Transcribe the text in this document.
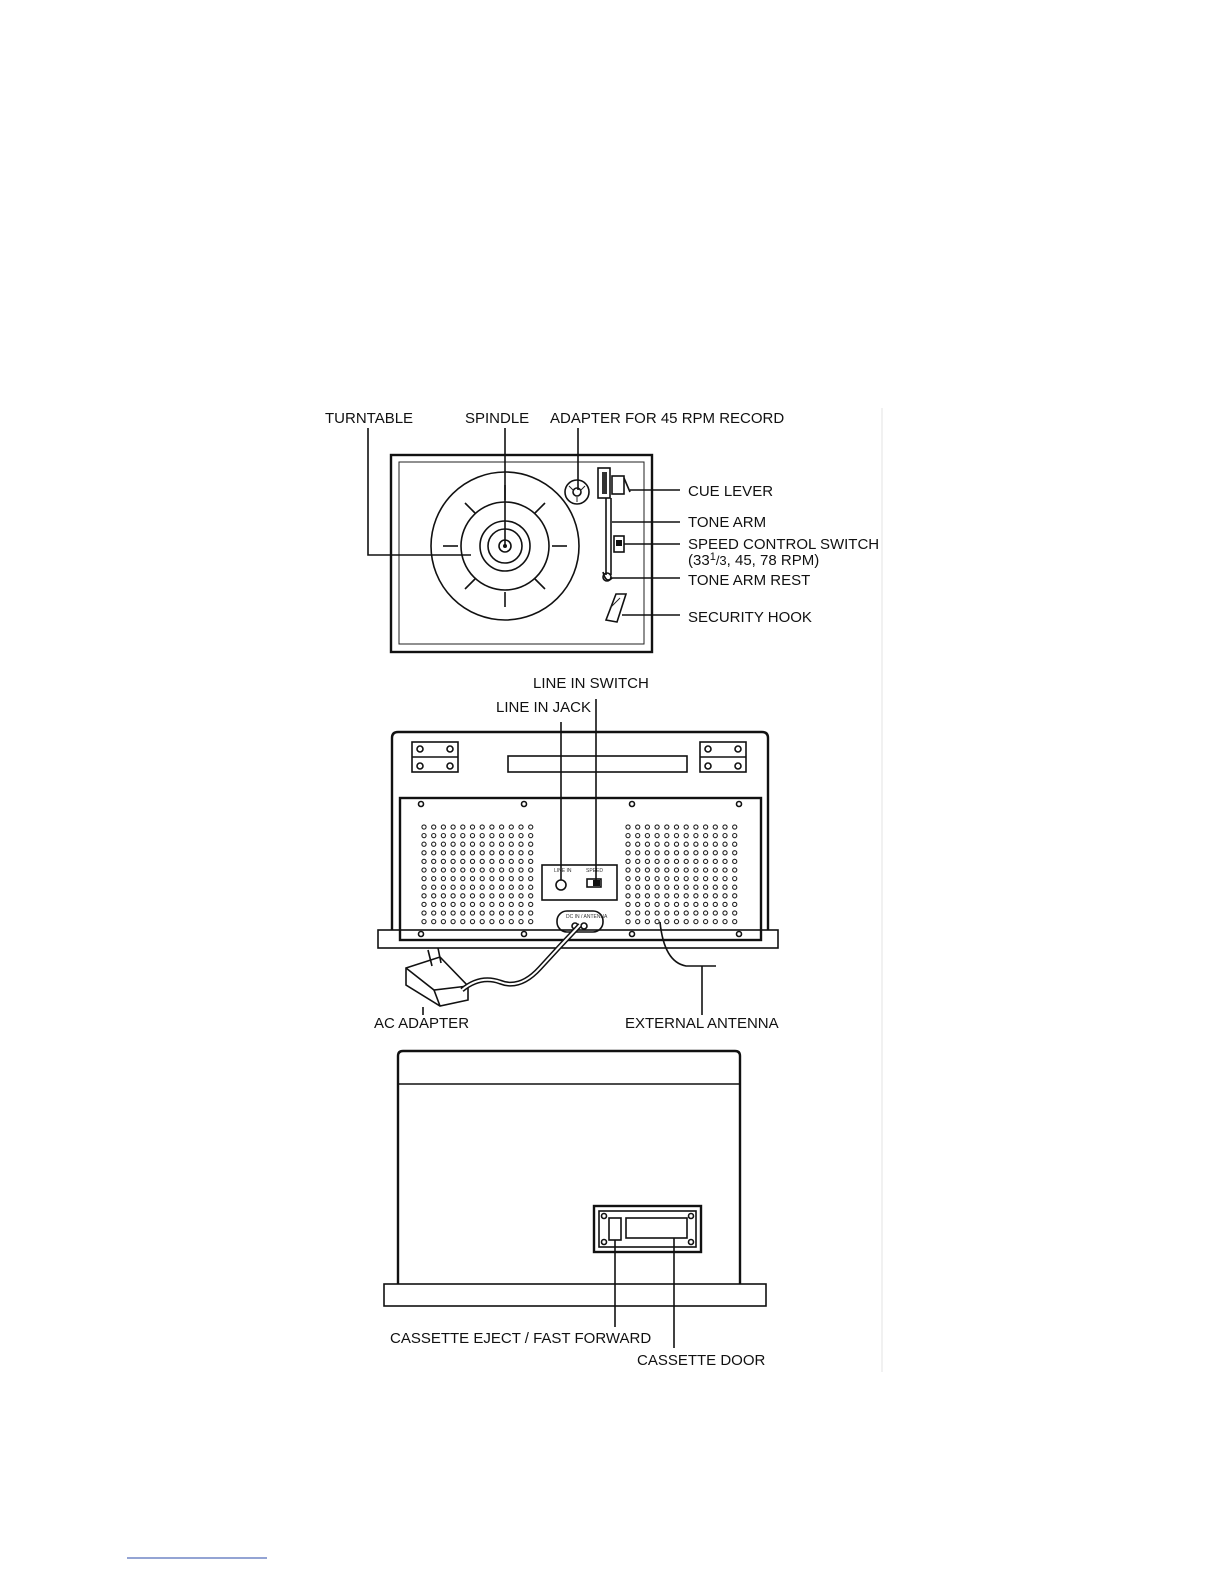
TURNTABLE	SPINDLE ADAPTER FOR 45 RPM RECORD
CUE LEVER
TONE ARM
SPEED CONTROL SWITCH
($33^1/3$, 45, 78 RPM)
TONE ARM REST
SECURITY HOOK
LINE IN	SPEED
DC IN / ANTENNA
LINE IN SWITCH
LINE IN JACK
AC ADAPTER	EXTERNAL ANTENNA
CASSETTE EJECT / FAST FORWARD
CASSETTE DOOR
